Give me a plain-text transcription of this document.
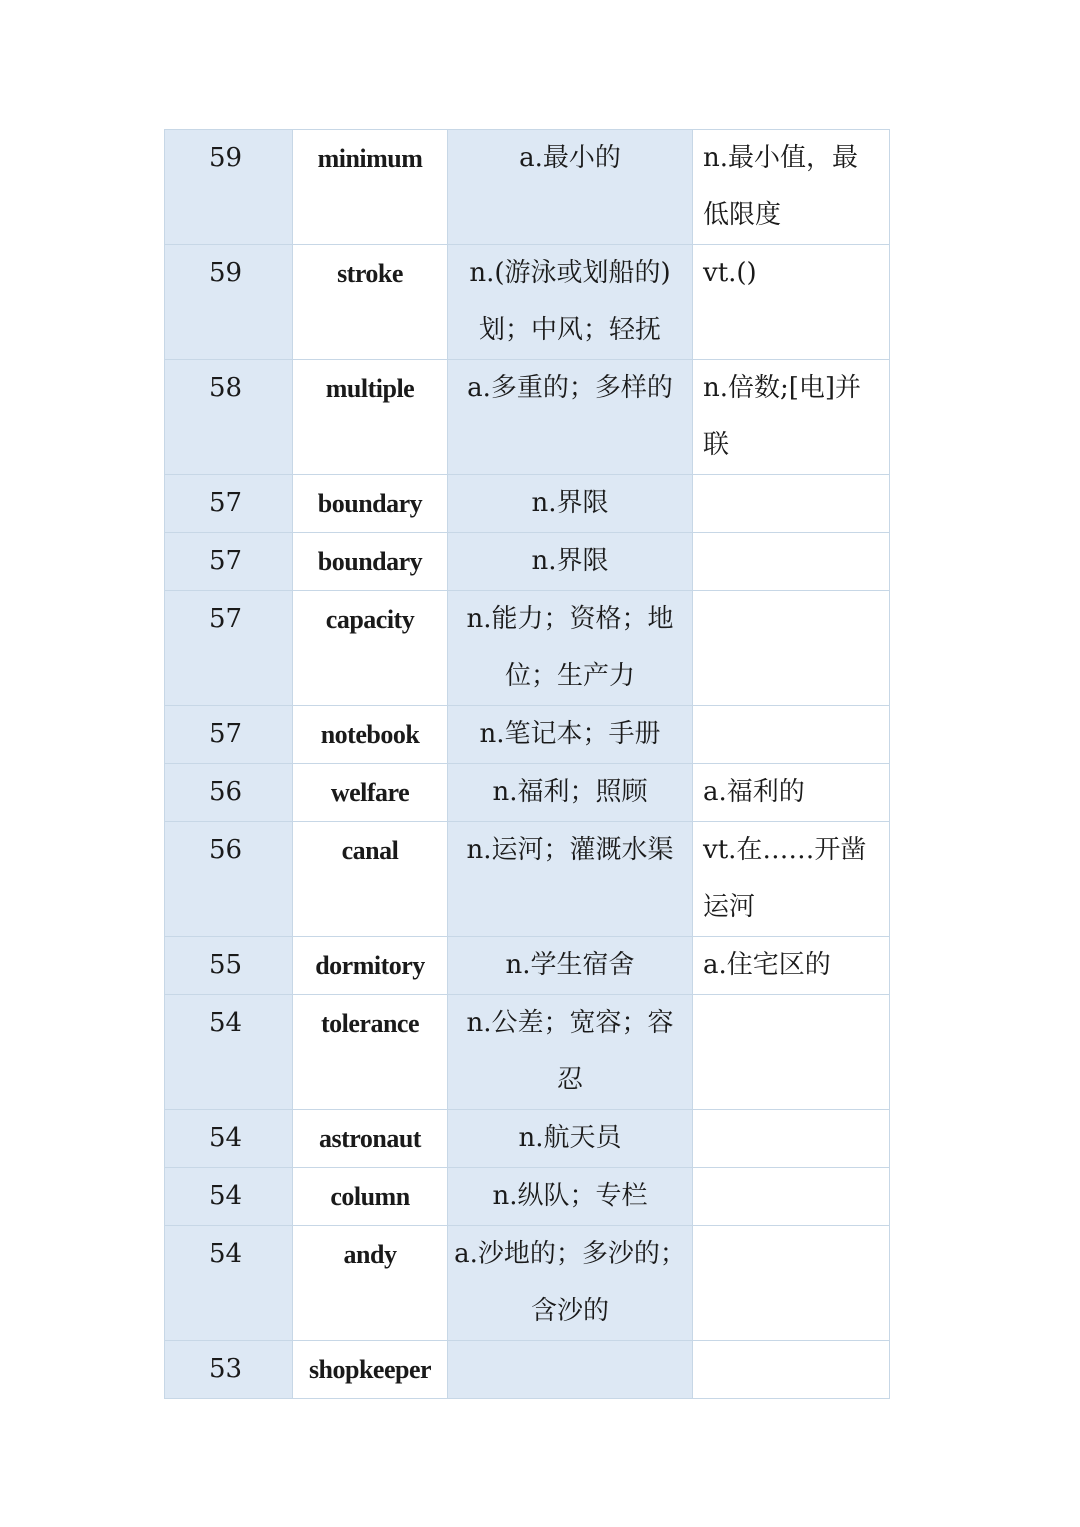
59	minimum	a.最小的	n.最小值，最低限度
59	stroke	n.(游泳或划船的)划；中风；轻抚	vt.()
58	multiple	a.多重的；多样的	n.倍数;[电]并联
57	boundary	n.界限	
57	boundary	n.界限	
57	capacity	n.能力；资格；地位；生产力	
57	notebook	n.笔记本；手册	
56	welfare	n.福利；照顾	a.福利的
56	canal	n.运河；灌溉水渠	vt.在……开凿运河
55	dormitory	n.学生宿舍	a.住宅区的
54	tolerance	n.公差；宽容；容忍	
54	astronaut	n.航天员	
54	column	n.纵队；专栏	
54	andy	a.沙地的；多沙的；含沙的	
53	shopkeeper		
